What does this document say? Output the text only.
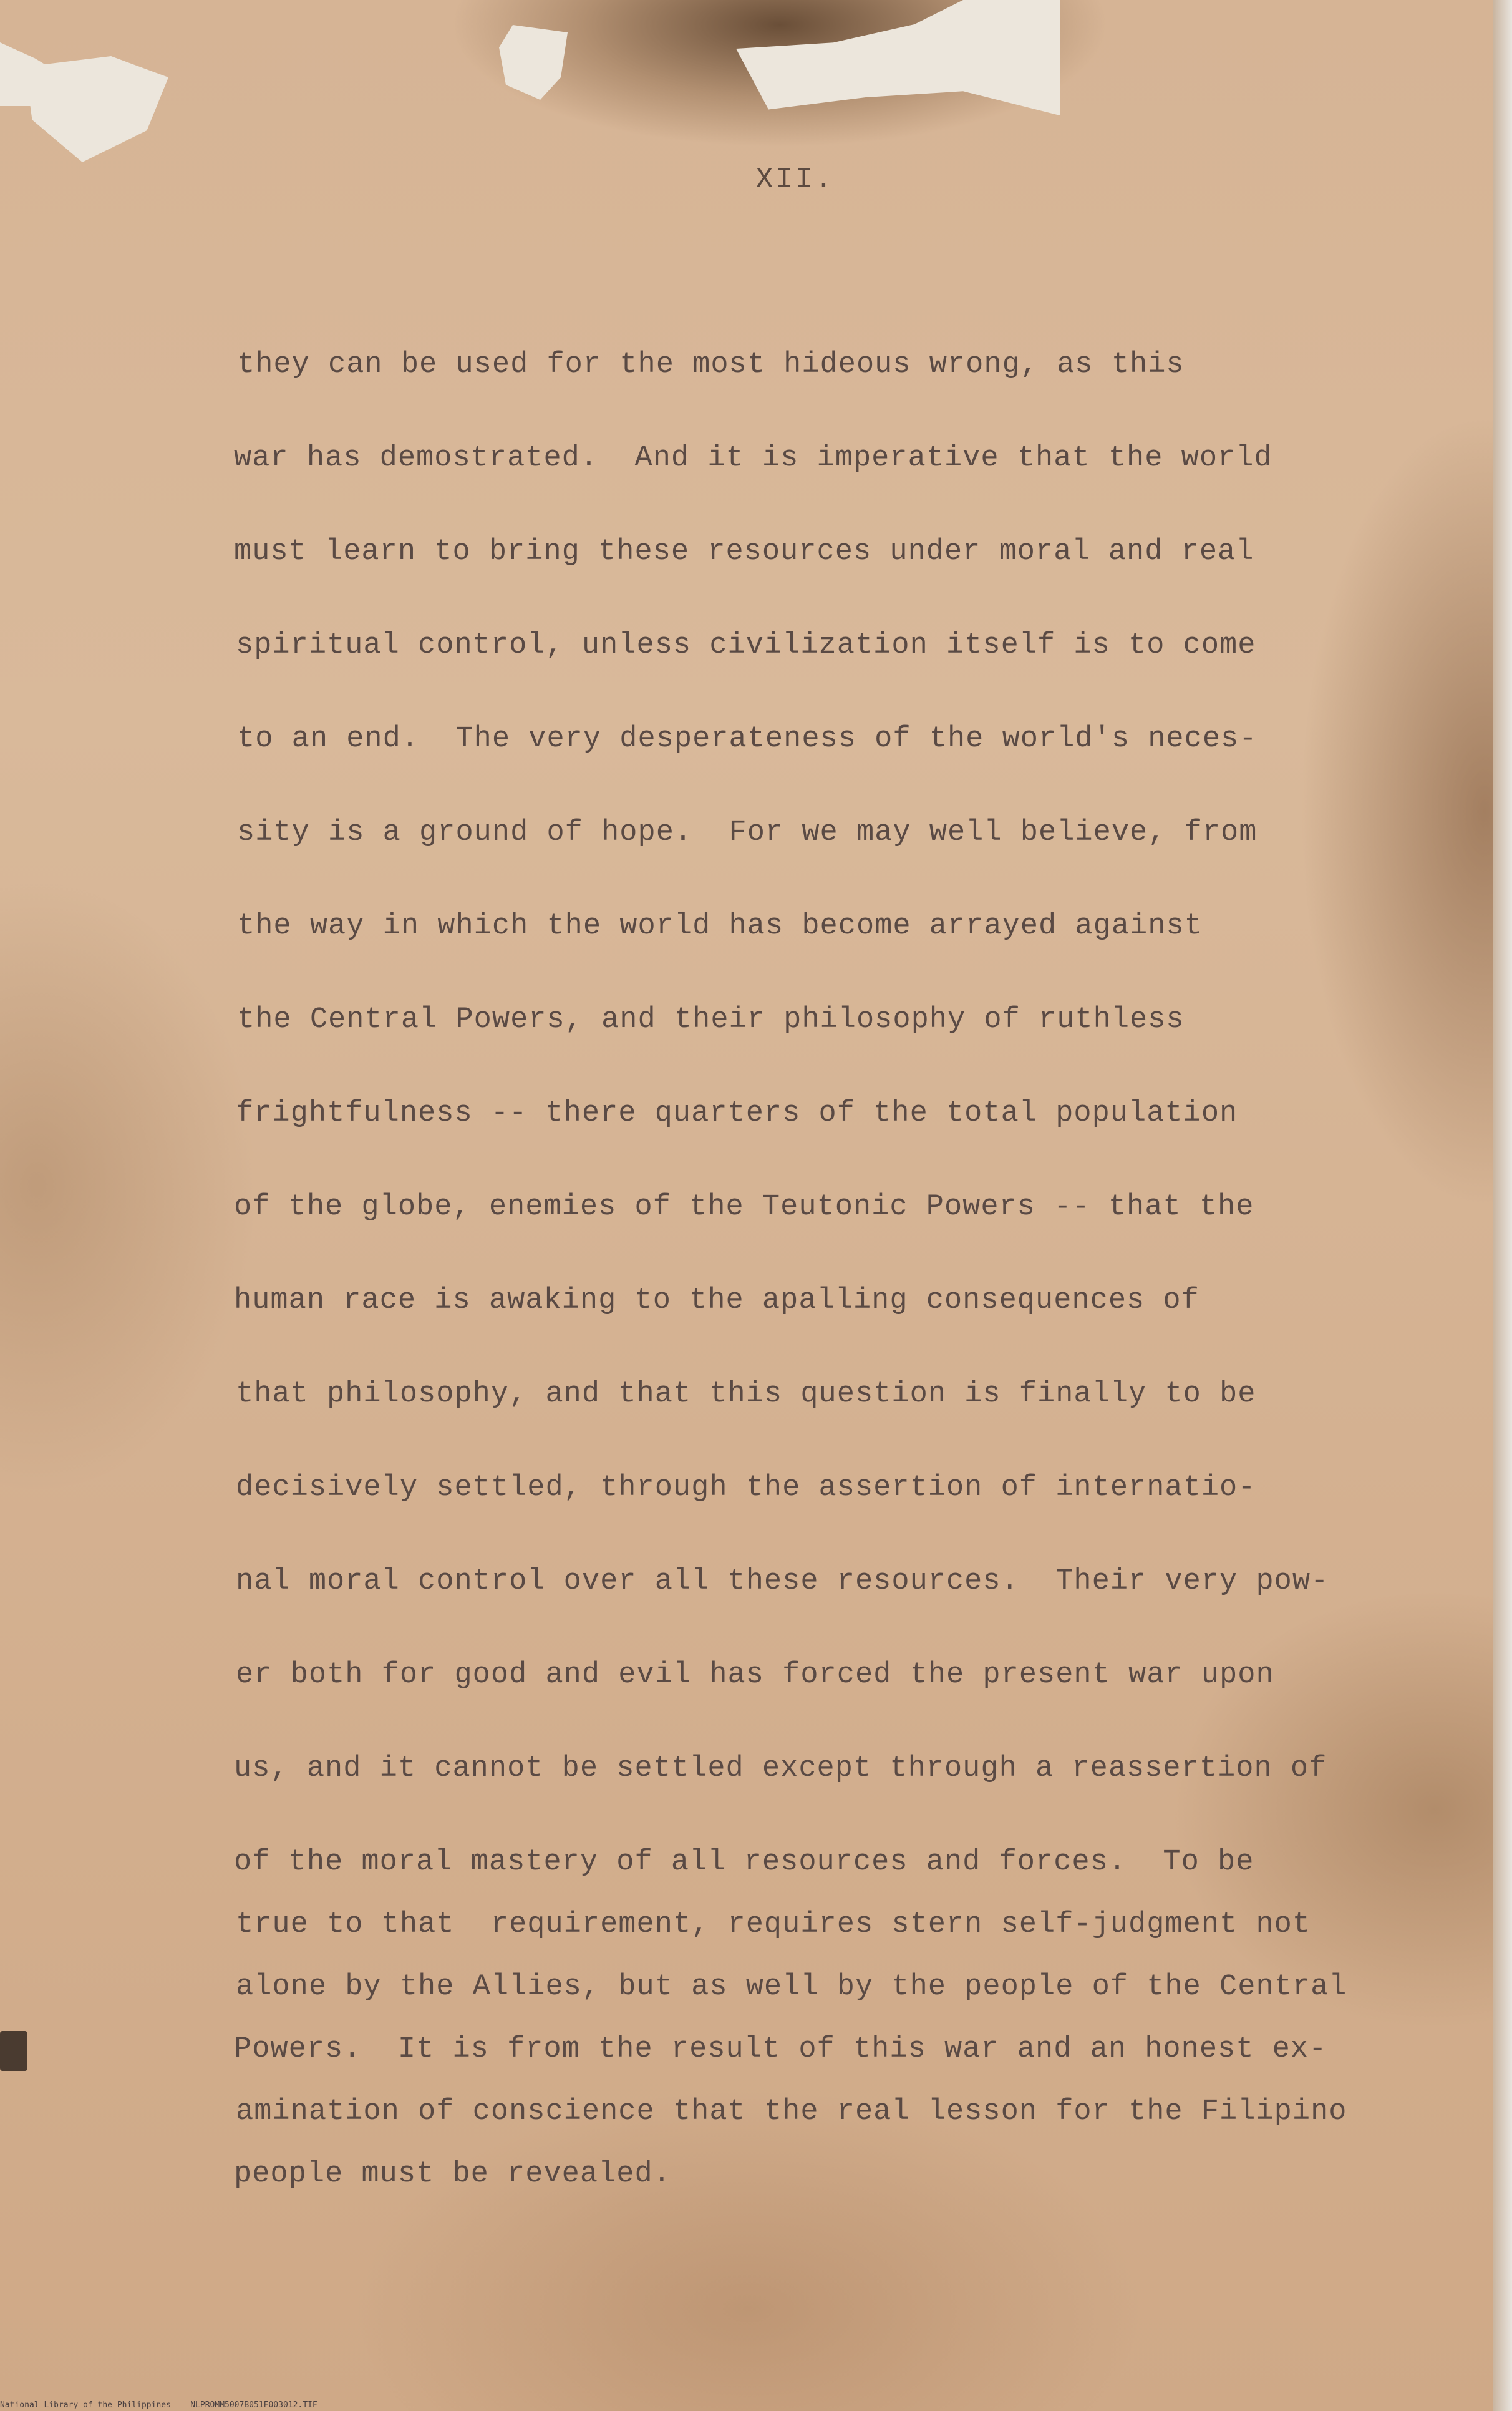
XII.

they can be used for the most hideous wrong, as this

war has demostrated.  And it is imperative that the world

must learn to bring these resources under moral and real

spiritual control, unless civilization itself is to come

to an end.  The very desperateness of the world's neces-

sity is a ground of hope.  For we may well believe, from

the way in which the world has become arrayed against

the Central Powers, and their philosophy of ruthless

frightfulness -- there quarters of the total population

of the globe, enemies of the Teutonic Powers -- that the

human race is awaking to the apalling consequences of

that philosophy, and that this question is finally to be

decisively settled, through the assertion of internatio-

nal moral control over all these resources.  Their very pow-

er both for good and evil has forced the present war upon

us, and it cannot be settled except through a reassertion of

of the moral mastery of all resources and forces.  To be

true to that  requirement, requires stern self-judgment not

alone by the Allies, but as well by the people of the Central

Powers.  It is from the result of this war and an honest ex-

amination of conscience that the real lesson for the Filipino

people must be revealed.

National Library of the Philippines    NLPROMM5007B051F003012.TIF
